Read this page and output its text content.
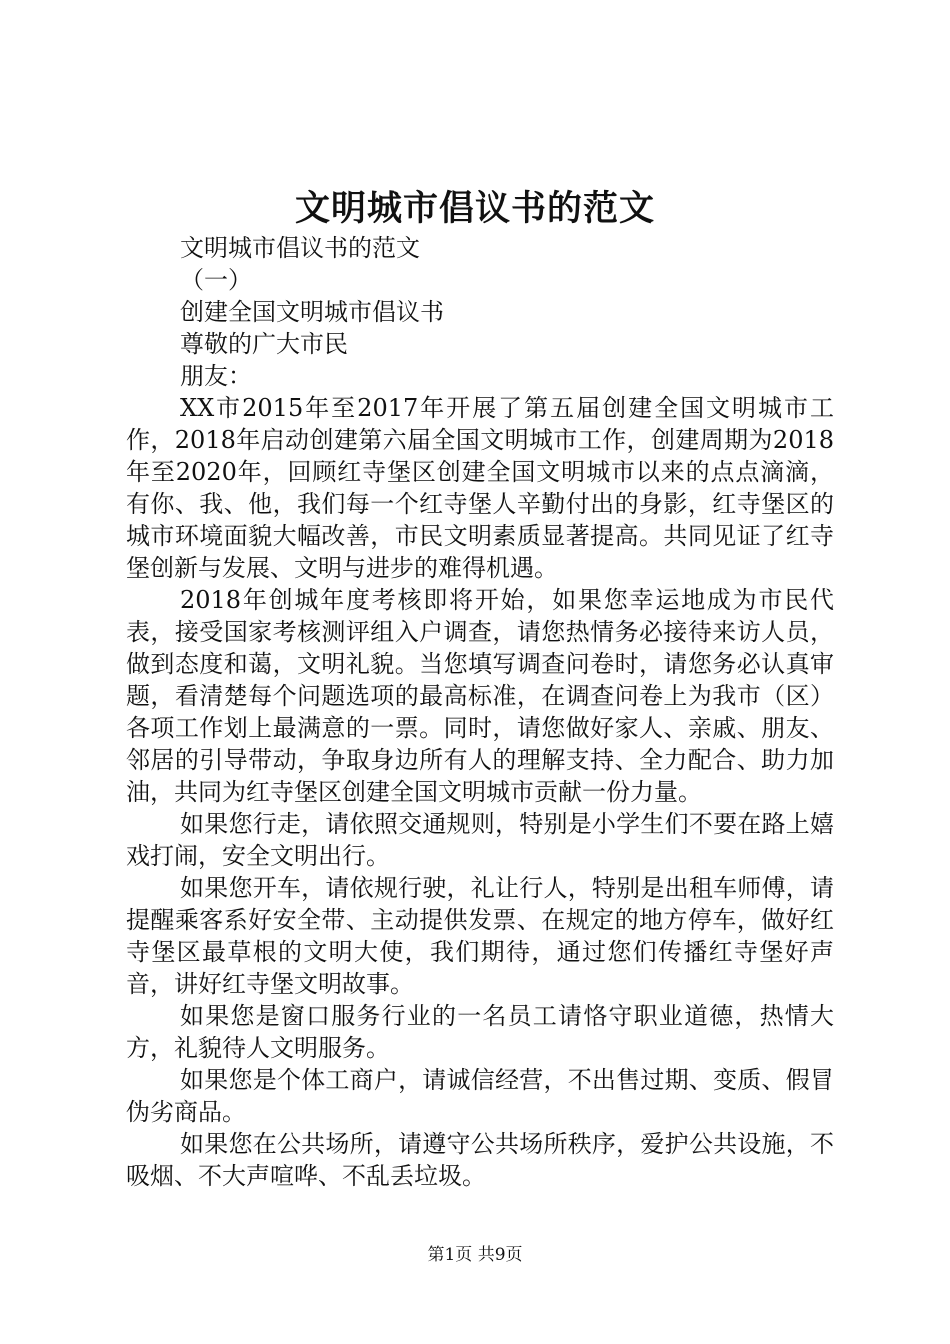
文明城市倡议书的范文
文明城市倡议书的范文
（一）
创建全国文明城市倡议书
尊敬的广大市民
朋友：

XX市2015年至2017年开展了第五届创建全国文明城市工作，2018年启动创建第六届全国文明城市工作，创建周期为2018年至2020年，回顾红寺堡区创建全国文明城市以来的点点滴滴，有你、我、他，我们每一个红寺堡人辛勤付出的身影，红寺堡区的城市环境面貌大幅改善，市民文明素质显著提高。共同见证了红寺堡创新与发展、文明与进步的难得机遇。

2018年创城年度考核即将开始，如果您幸运地成为市民代表，接受国家考核测评组入户调查，请您热情务必接待来访人员，做到态度和蔼，文明礼貌。当您填写调查问卷时，请您务必认真审题，看清楚每个问题选项的最高标准，在调查问卷上为我市（区）各项工作划上最满意的一票。同时，请您做好家人、亲戚、朋友、邻居的引导带动，争取身边所有人的理解支持、全力配合、助力加油，共同为红寺堡区创建全国文明城市贡献一份力量。

如果您行走，请依照交通规则，特别是小学生们不要在路上嬉戏打闹，安全文明出行。

如果您开车，请依规行驶，礼让行人，特别是出租车师傅，请提醒乘客系好安全带、主动提供发票、在规定的地方停车，做好红寺堡区最草根的文明大使，我们期待，通过您们传播红寺堡好声音，讲好红寺堡文明故事。

如果您是窗口服务行业的一名员工请恪守职业道德，热情大方，礼貌待人文明服务。

如果您是个体工商户，请诚信经营，不出售过期、变质、假冒伪劣商品。

如果您在公共场所，请遵守公共场所秩序，爱护公共设施，不吸烟、不大声喧哗、不乱丢垃圾。

第1页 共9页
